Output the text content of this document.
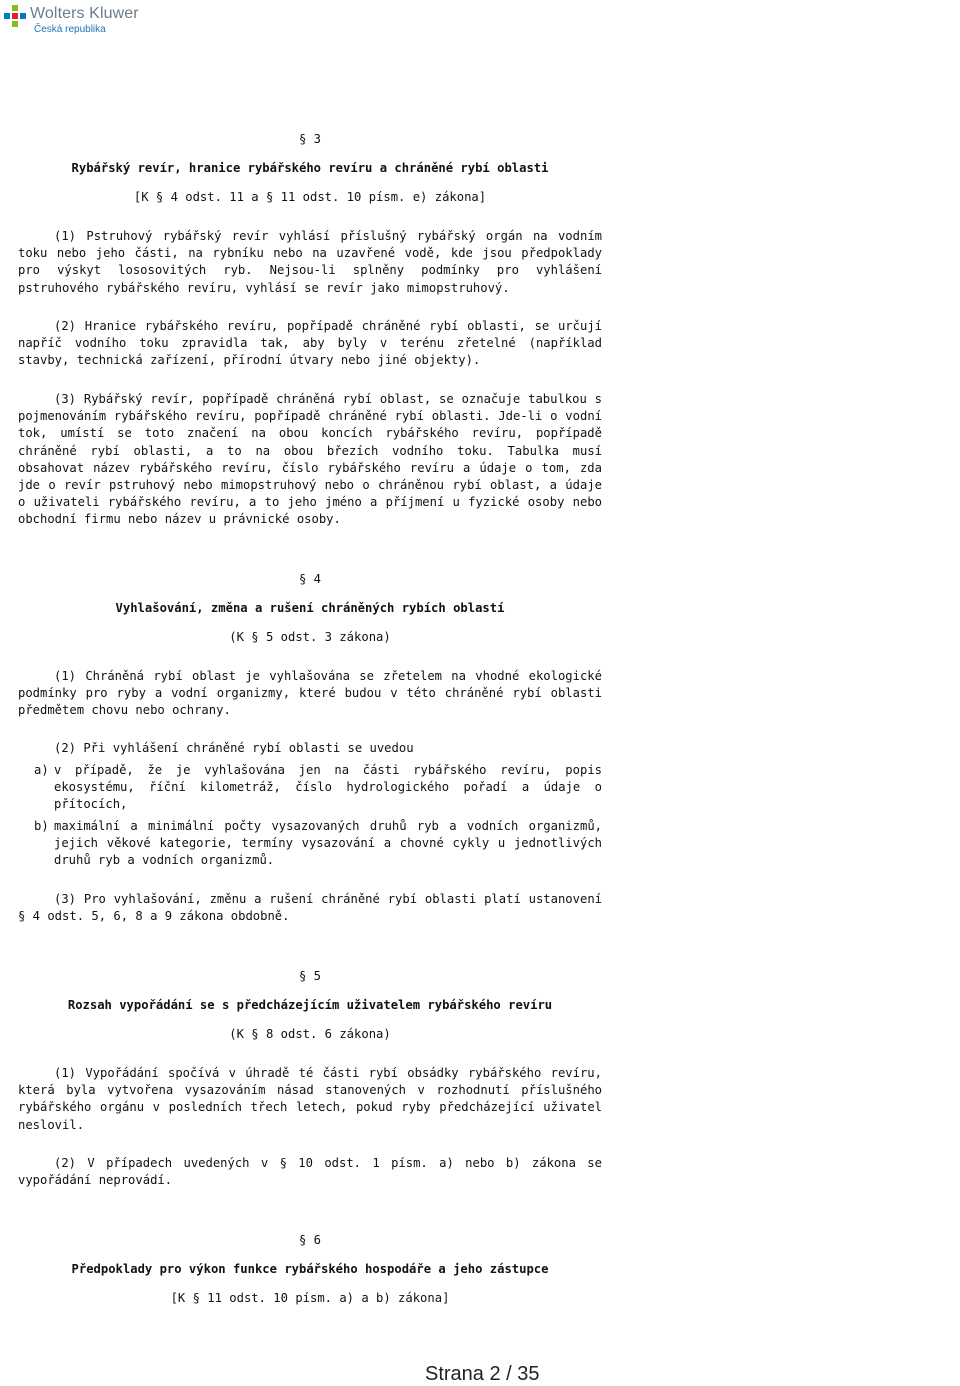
Wolters Kluwer
Česká republika
§ 3
Rybářský revír, hranice rybářského revíru a chráněné rybí oblasti
[K § 4 odst. 11 a § 11 odst. 10 písm. e) zákona]
(1) Pstruhový rybářský revír vyhlásí příslušný rybářský orgán na vodním toku nebo jeho části, na rybníku nebo na uzavřené vodě, kde jsou předpoklady pro výskyt lososovitých ryb. Nejsou-li splněny podmínky pro vyhlášení pstruhového rybářského revíru, vyhlásí se revír jako mimopstruhový.
(2) Hranice rybářského revíru, popřípadě chráněné rybí oblasti, se určují napříč vodního toku zpravidla tak, aby byly v terénu zřetelné (například stavby, technická zařízení, přírodní útvary nebo jiné objekty).
(3) Rybářský revír, popřípadě chráněná rybí oblast, se označuje tabulkou s pojmenováním rybářského revíru, popřípadě chráněné rybí oblasti. Jde-li o vodní tok, umístí se toto značení na obou koncích rybářského revíru, popřípadě chráněné rybí oblasti, a to na obou březích vodního toku. Tabulka musí obsahovat název rybářského revíru, číslo rybářského revíru a údaje o tom, zda jde o revír pstruhový nebo mimopstruhový nebo o chráněnou rybí oblast, a údaje o uživateli rybářského revíru, a to jeho jméno a příjmení u fyzické osoby nebo obchodní firmu nebo název u právnické osoby.
§ 4
Vyhlašování, změna a rušení chráněných rybích oblastí
(K § 5 odst. 3 zákona)
(1) Chráněná rybí oblast je vyhlašována se zřetelem na vhodné ekologické podmínky pro ryby a vodní organizmy, které budou v této chráněné rybí oblasti předmětem chovu nebo ochrany.
(2) Při vyhlášení chráněné rybí oblasti se uvedou
a) v případě, že je vyhlašována jen na části rybářského revíru, popis ekosystému, říční kilometráž, číslo hydrologického pořadí a údaje o přítocích,
b) maximální a minimální počty vysazovaných druhů ryb a vodních organizmů, jejich věkové kategorie, termíny vysazování a chovné cykly u jednotlivých druhů ryb a vodních organizmů.
(3) Pro vyhlašování, změnu a rušení chráněné rybí oblasti platí ustanovení § 4 odst. 5, 6, 8 a 9 zákona obdobně.
§ 5
Rozsah vypořádání se s předcházejícím uživatelem rybářského revíru
(K § 8 odst. 6 zákona)
(1) Vypořádání spočívá v úhradě té části rybí obsádky rybářského revíru, která byla vytvořena vysazováním násad stanovených v rozhodnutí příslušného rybářského orgánu v posledních třech letech, pokud ryby předcházející uživatel neslovil.
(2) V případech uvedených v § 10 odst. 1 písm. a) nebo b) zákona se vypořádání neprovádí.
§ 6
Předpoklady pro výkon funkce rybářského hospodáře a jeho zástupce
[K § 11 odst. 10 písm. a) a b) zákona]
Strana 2 / 35
